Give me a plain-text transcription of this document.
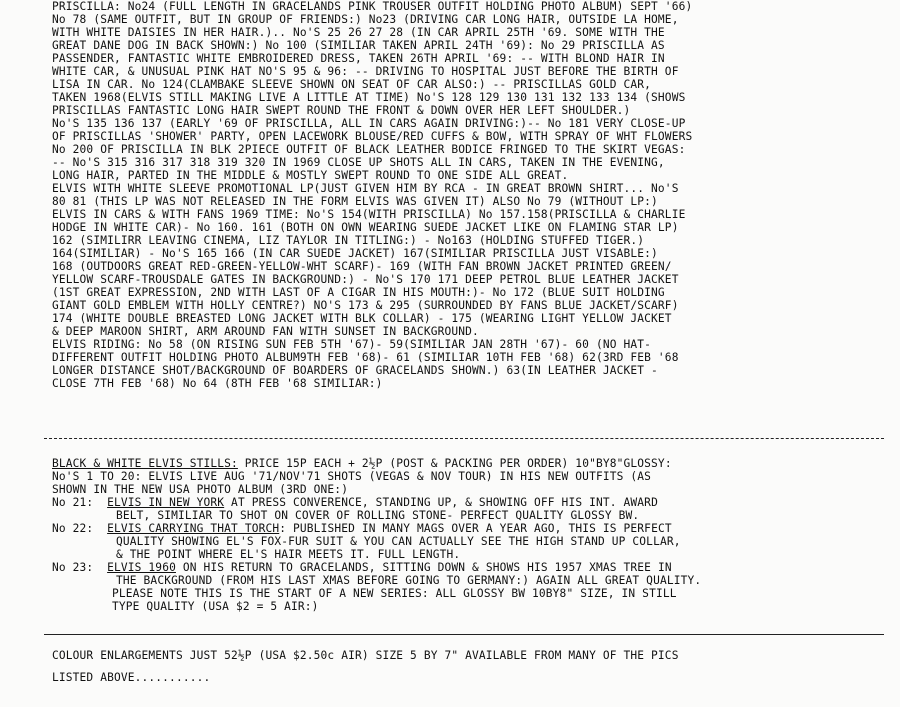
PRISCILLA: No24 (FULL LENGTH IN GRACELANDS PINK TROUSER OUTFIT HOLDING PHOTO ALBUM) SEPT '66)
No 78 (SAME OUTFIT, BUT IN GROUP OF FRIENDS:) No23 (DRIVING CAR LONG HAIR, OUTSIDE LA HOME,
WITH WHITE DAISIES IN HER HAIR.).. No'S 25 26 27 28 (IN CAR APRIL 25TH '69. SOME WITH THE
GREAT DANE DOG IN BACK SHOWN:) No 100 (SIMILIAR TAKEN APRIL 24TH '69): No 29 PRISCILLA AS
PASSENDER, FANTASTIC WHITE EMBROIDERED DRESS, TAKEN 26TH APRIL '69: -- WITH BLOND HAIR IN
WHITE CAR, & UNUSUAL PINK HAT NO'S 95 & 96: -- DRIVING TO HOSPITAL JUST BEFORE THE BIRTH OF
LISA IN CAR. No 124(CLAMBAKE SLEEVE SHOWN ON SEAT OF CAR ALSO:) -- PRISCILLAS GOLD CAR,
TAKEN 1968(ELVIS STILL MAKING LIVE A LITTLE AT TIME) No'S 128 129 130 131 132 133 134 (SHOWS
PRISCILLAS FANTASTIC LONG HAIR SWEPT ROUND THE FRONT & DOWN OVER HER LEFT SHOULDER.)
No'S 135 136 137 (EARLY '69 OF PRISCILLA, ALL IN CARS AGAIN DRIVING:)-- No 181 VERY CLOSE-UP
OF PRISCILLAS 'SHOWER' PARTY, OPEN LACEWORK BLOUSE/RED CUFFS & BOW, WITH SPRAY OF WHT FLOWERS
No 200 OF PRISCILLA IN BLK 2PIECE OUTFIT OF BLACK LEATHER BODICE FRINGED TO THE SKIRT VEGAS:
-- No'S 315 316 317 318 319 320 IN 1969 CLOSE UP SHOTS ALL IN CARS, TAKEN IN THE EVENING,
LONG HAIR, PARTED IN THE MIDDLE & MOSTLY SWEPT ROUND TO ONE SIDE ALL GREAT.
ELVIS WITH WHITE SLEEVE PROMOTIONAL LP(JUST GIVEN HIM BY RCA - IN GREAT BROWN SHIRT... No'S
80 81 (THIS LP WAS NOT RELEASED IN THE FORM ELVIS WAS GIVEN IT) ALSO No 79 (WITHOUT LP:)
ELVIS IN CARS & WITH FANS 1969 TIME: No'S 154(WITH PRISCILLA) No 157.158(PRISCILLA & CHARLIE
HODGE IN WHITE CAR)- No 160. 161 (BOTH ON OWN WEARING SUEDE JACKET LIKE ON FLAMING STAR LP)
162 (SIMILIRR LEAVING CINEMA, LIZ TAYLOR IN TITLING:) - No163 (HOLDING STUFFED TIGER.)
164(SIMILIAR) - No'S 165 166 (IN CAR SUEDE JACKET) 167(SIMILIAR PRISCILLA JUST VISABLE:)
168 (OUTDOORS GREAT RED-GREEN-YELLOW-WHT SCARF)- 169 (WITH FAN BROWN JACKET PRINTED GREEN/
YELLOW SCARF-TROUSDALE GATES IN BACKGROUND:) - No'S 170 171 DEEP PETROL BLUE LEATHER JACKET
(1ST GREAT EXPRESSION, 2ND WITH LAST OF A CIGAR IN HIS MOUTH:)- No 172 (BLUE SUIT HOLDING
GIANT GOLD EMBLEM WITH HOLLY CENTRE?) NO'S 173 & 295 (SURROUNDED BY FANS BLUE JACKET/SCARF)
174 (WHITE DOUBLE BREASTED LONG JACKET WITH BLK COLLAR) - 175 (WEARING LIGHT YELLOW JACKET
& DEEP MAROON SHIRT, ARM AROUND FAN WITH SUNSET IN BACKGROUND.
ELVIS RIDING: No 58 (ON RISING SUN FEB 5TH '67)- 59(SIMILIAR JAN 28TH '67)- 60 (NO HAT-
DIFFERENT OUTFIT HOLDING PHOTO ALBUM9TH FEB '68)- 61 (SIMILIAR 10TH FEB '68) 62(3RD FEB '68
LONGER DISTANCE SHOT/BACKGROUND OF BOARDERS OF GRACELANDS SHOWN.) 63(IN LEATHER JACKET -
CLOSE 7TH FEB '68) No 64 (8TH FEB '68 SIMILIAR:)
BLACK & WHITE ELVIS STILLS: PRICE 15P EACH + 2½P (POST & PACKING PER ORDER) 10"BY8"GLOSSY:
No'S 1 TO 20: ELVIS LIVE AUG '71/NOV'71 SHOTS (VEGAS & NOV TOUR) IN HIS NEW OUTFITS (AS
SHOWN IN THE NEW USA PHOTO ALBUM (3RD ONE:)
No 21: ELVIS IN NEW YORK AT PRESS CONVERENCE, STANDING UP, & SHOWING OFF HIS INT. AWARD
BELT, SIMILIAR TO SHOT ON COVER OF ROLLING STONE- PERFECT QUALITY GLOSSY BW.
No 22: ELVIS CARRYING THAT TORCH: PUBLISHED IN MANY MAGS OVER A YEAR AGO, THIS IS PERFECT
QUALITY SHOWING EL'S FOX-FUR SUIT & YOU CAN ACTUALLY SEE THE HIGH STAND UP COLLAR,
& THE POINT WHERE EL'S HAIR MEETS IT. FULL LENGTH.
No 23: ELVIS 1960 ON HIS RETURN TO GRACELANDS, SITTING DOWN & SHOWS HIS 1957 XMAS TREE IN
THE BACKGROUND (FROM HIS LAST XMAS BEFORE GOING TO GERMANY:) AGAIN ALL GREAT QUALITY.
PLEASE NOTE THIS IS THE START OF A NEW SERIES: ALL GLOSSY BW 10BY8" SIZE, IN STILL
TYPE QUALITY (USA $2 = 5 AIR:)
COLOUR ENLARGEMENTS JUST 52½P (USA $2.50c AIR) SIZE 5 BY 7" AVAILABLE FROM MANY OF THE PICS
LISTED ABOVE...........
